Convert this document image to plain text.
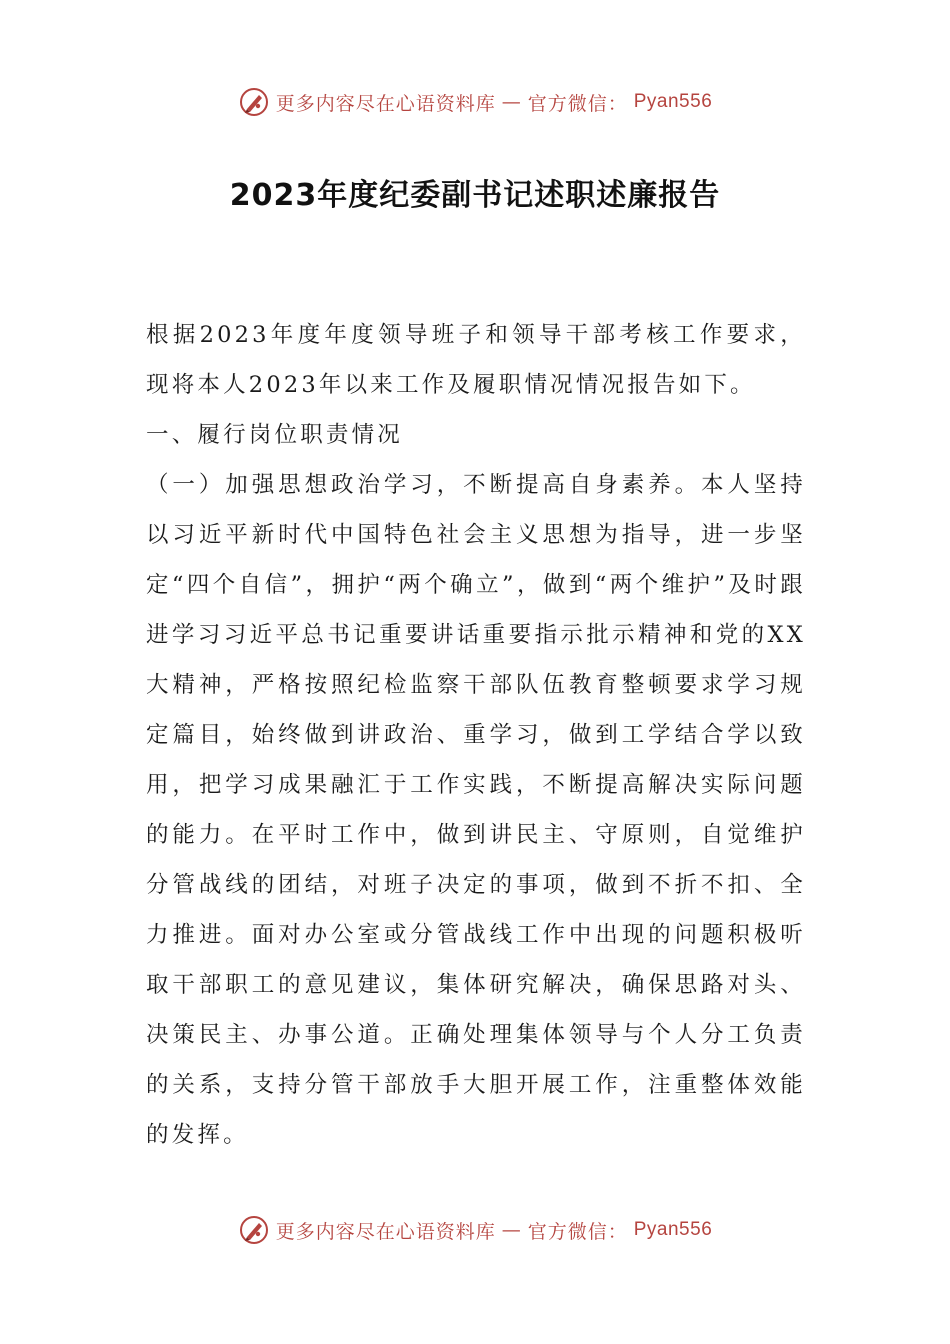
更多内容尽在心语资料库 — 官方微信： Pyan556
2023年度纪委副书记述职述廉报告

根据2023年度年度领导班子和领导干部考核工作要求，现将本人2023年以来工作及履职情况情况报告如下。

一、履行岗位职责情况

（一）加强思想政治学习，不断提高自身素养。本人坚持以习近平新时代中国特色社会主义思想为指导，进一步坚定“四个自信”，拥护“两个确立”，做到“两个维护”及时跟进学习习近平总书记重要讲话重要指示批示精神和党的XX大精神，严格按照纪检监察干部队伍教育整顿要求学习规定篇目，始终做到讲政治、重学习，做到工学结合学以致用，把学习成果融汇于工作实践，不断提高解决实际问题的能力。在平时工作中，做到讲民主、守原则，自觉维护分管战线的团结，对班子决定的事项，做到不折不扣、全力推进。面对办公室或分管战线工作中出现的问题积极听取干部职工的意见建议，集体研究解决，确保思路对头、决策民主、办事公道。正确处理集体领导与个人分工负责的关系，支持分管干部放手大胆开展工作，注重整体效能的发挥。

更多内容尽在心语资料库 — 官方微信： Pyan556
